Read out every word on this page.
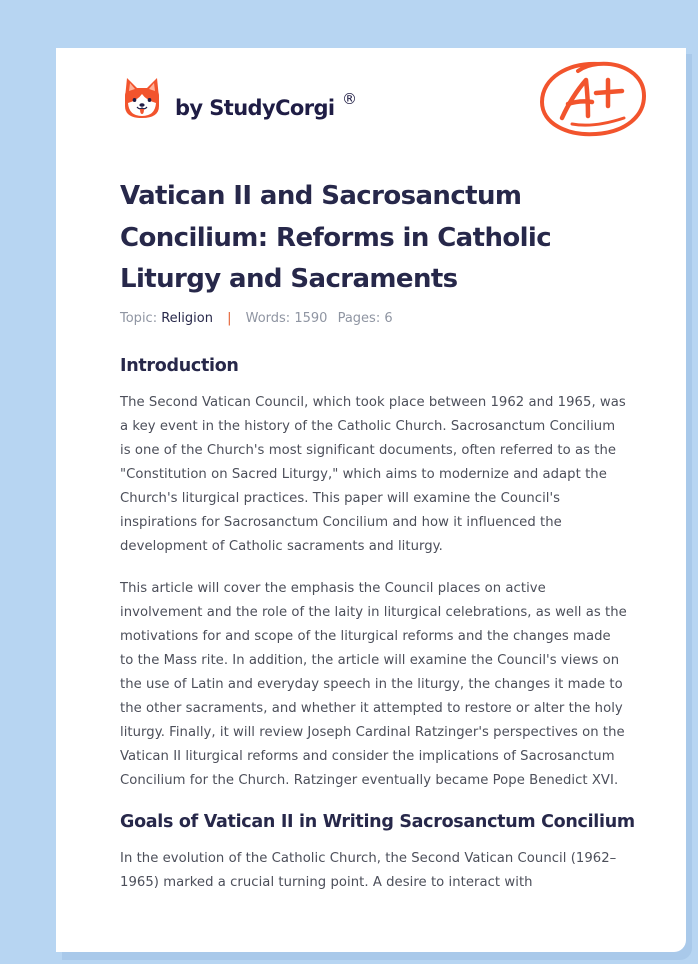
by StudyCorgi ®
Vatican II and Sacrosanctum Concilium: Reforms in Catholic Liturgy and Sacraments
Topic: Religion | Words: 1590 Pages: 6
Introduction

The Second Vatican Council, which took place between 1962 and 1965, was a key event in the history of the Catholic Church. Sacrosanctum Concilium is one of the Church's most significant documents, often referred to as the "Constitution on Sacred Liturgy," which aims to modernize and adapt the Church's liturgical practices. This paper will examine the Council's inspirations for Sacrosanctum Concilium and how it influenced the development of Catholic sacraments and liturgy.

This article will cover the emphasis the Council places on active involvement and the role of the laity in liturgical celebrations, as well as the motivations for and scope of the liturgical reforms and the changes made to the Mass rite. In addition, the article will examine the Council's views on the use of Latin and everyday speech in the liturgy, the changes it made to the other sacraments, and whether it attempted to restore or alter the holy liturgy. Finally, it will review Joseph Cardinal Ratzinger's perspectives on the Vatican II liturgical reforms and consider the implications of Sacrosanctum Concilium for the Church. Ratzinger eventually became Pope Benedict XVI.

Goals of Vatican II in Writing Sacrosanctum Concilium

In the evolution of the Catholic Church, the Second Vatican Council (1962–1965) marked a crucial turning point. A desire to interact with
